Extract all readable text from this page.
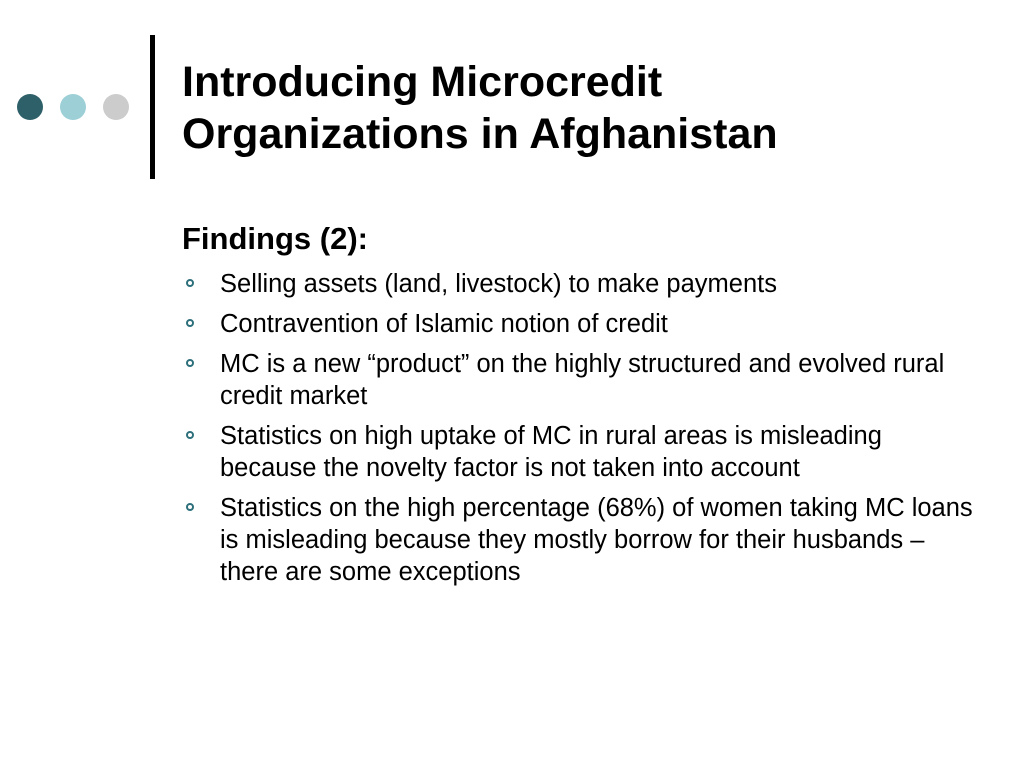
Introducing Microcredit
Organizations in Afghanistan
Findings (2):
Selling assets (land, livestock) to make payments
Contravention of Islamic notion of credit
MC is a new “product” on the highly structured and evolved rural credit market
Statistics on high uptake of MC in rural areas is misleading because the novelty factor is not taken into account
Statistics on the high percentage (68%) of women taking MC loans is misleading because they mostly borrow for their husbands – there are some exceptions
